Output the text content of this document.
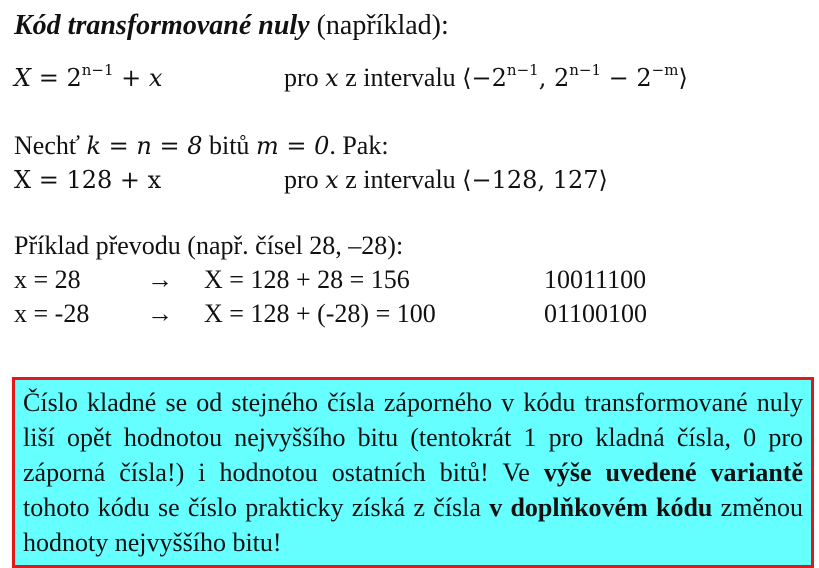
Kód transformované nuly (například):
$X = 2^{n-1} + x$	pro x z intervalu $⟨-2^{n-1}$, $2^{n-1}$ − $2^{-m}⟩$
Nechť k = n = 8 bitů m = 0. Pak:
X = 128 + x	pro x z intervalu ⟨−128, 127⟩
Příklad převodu (např. čísel 28, –28):
x = 28	→ X = 128 + 28 = 156	10011100
x = -28 → X = 128 + (-28) = 100	01100100
Číslo kladné se od stejného čísla záporného v kódu transformované nuly liší opět hodnotou nejvyššího bitu (tentokrát 1 pro kladná čísla, 0 pro záporná čísla!) i hodnotou ostatních bitů! Ve výše uvedené variantě tohoto kódu se číslo prakticky získá z čísla v doplňkovém kódu změnou hodnoty nejvyššího bitu!
